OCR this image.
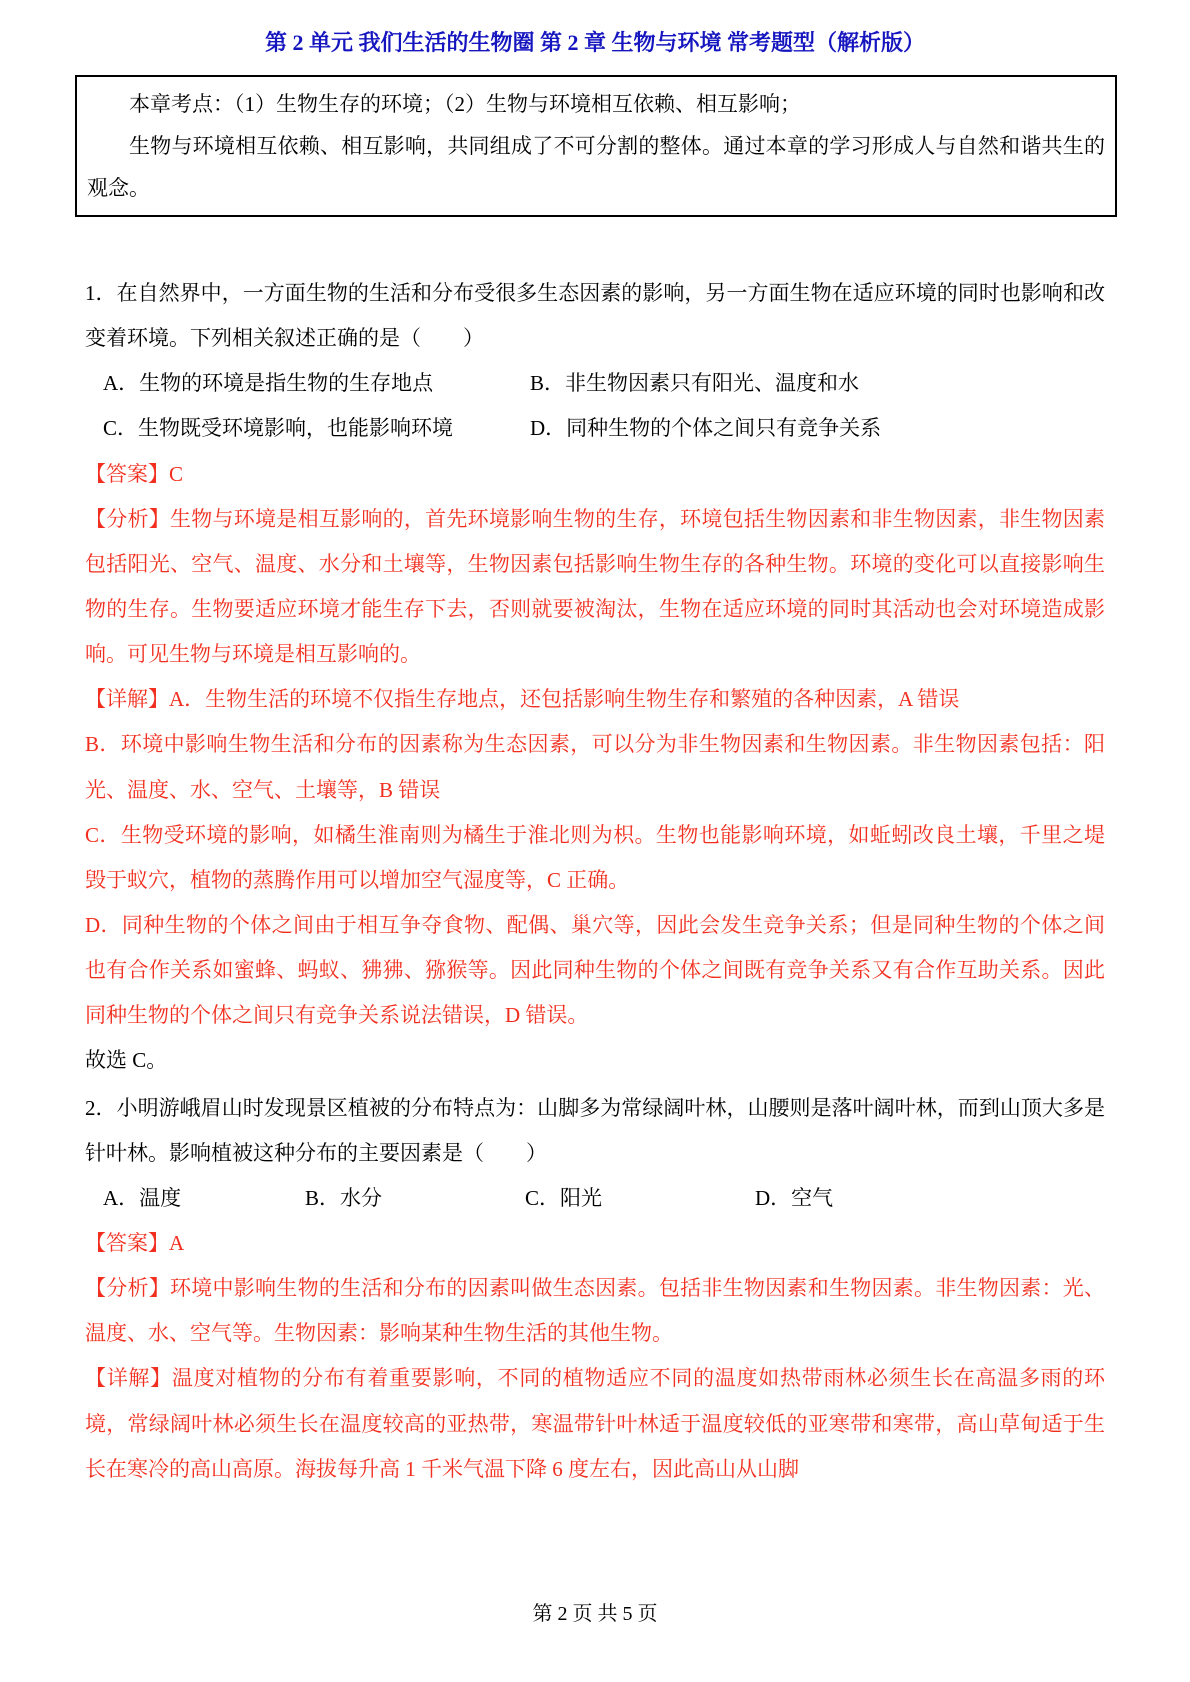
第 2 单元 我们生活的生物圈 第 2 章 生物与环境 常考题型（解析版）

本章考点：（1）生物生存的环境；（2）生物与环境相互依赖、相互影响；

生物与环境相互依赖、相互影响，共同组成了不可分割的整体。通过本章的学习形成人与自然和谐共生的观念。

1．在自然界中，一方面生物的生活和分布受很多生态因素的影响，另一方面生物在适应环境的同时也影响和改变着环境。下列相关叙述正确的是（　　）

A．生物的环境是指生物的生存地点	B．非生物因素只有阳光、温度和水
C．生物既受环境影响，也能影响环境	D．同种生物的个体之间只有竞争关系

【答案】C

【分析】生物与环境是相互影响的，首先环境影响生物的生存，环境包括生物因素和非生物因素，非生物因素包括阳光、空气、温度、水分和土壤等，生物因素包括影响生物生存的各种生物。环境的变化可以直接影响生物的生存。生物要适应环境才能生存下去，否则就要被淘汰，生物在适应环境的同时其活动也会对环境造成影响。可见生物与环境是相互影响的。

【详解】A．生物生活的环境不仅指生存地点，还包括影响生物生存和繁殖的各种因素，A 错误

B．环境中影响生物生活和分布的因素称为生态因素，可以分为非生物因素和生物因素。非生物因素包括：阳光、温度、水、空气、土壤等，B 错误

C．生物受环境的影响，如橘生淮南则为橘生于淮北则为枳。生物也能影响环境，如蚯蚓改良土壤，千里之堤毁于蚁穴，植物的蒸腾作用可以增加空气湿度等，C 正确。

D．同种生物的个体之间由于相互争夺食物、配偶、巢穴等，因此会发生竞争关系；但是同种生物的个体之间也有合作关系如蜜蜂、蚂蚁、狒狒、猕猴等。因此同种生物的个体之间既有竞争关系又有合作互助关系。因此同种生物的个体之间只有竞争关系说法错误，D 错误。

故选 C。

2．小明游峨眉山时发现景区植被的分布特点为：山脚多为常绿阔叶林，山腰则是落叶阔叶林，而到山顶大多是针叶林。影响植被这种分布的主要因素是（　　）

A．温度	B．水分	C．阳光	D．空气

【答案】A

【分析】环境中影响生物的生活和分布的因素叫做生态因素。包括非生物因素和生物因素。非生物因素：光、温度、水、空气等。生物因素：影响某种生物生活的其他生物。

【详解】温度对植物的分布有着重要影响，不同的植物适应不同的温度如热带雨林必须生长在高温多雨的环境，常绿阔叶林必须生长在温度较高的亚热带，寒温带针叶林适于温度较低的亚寒带和寒带，高山草甸适于生长在寒冷的高山高原。海拔每升高 1 千米气温下降 6 度左右，因此高山从山脚

第 2 页 共 5 页
